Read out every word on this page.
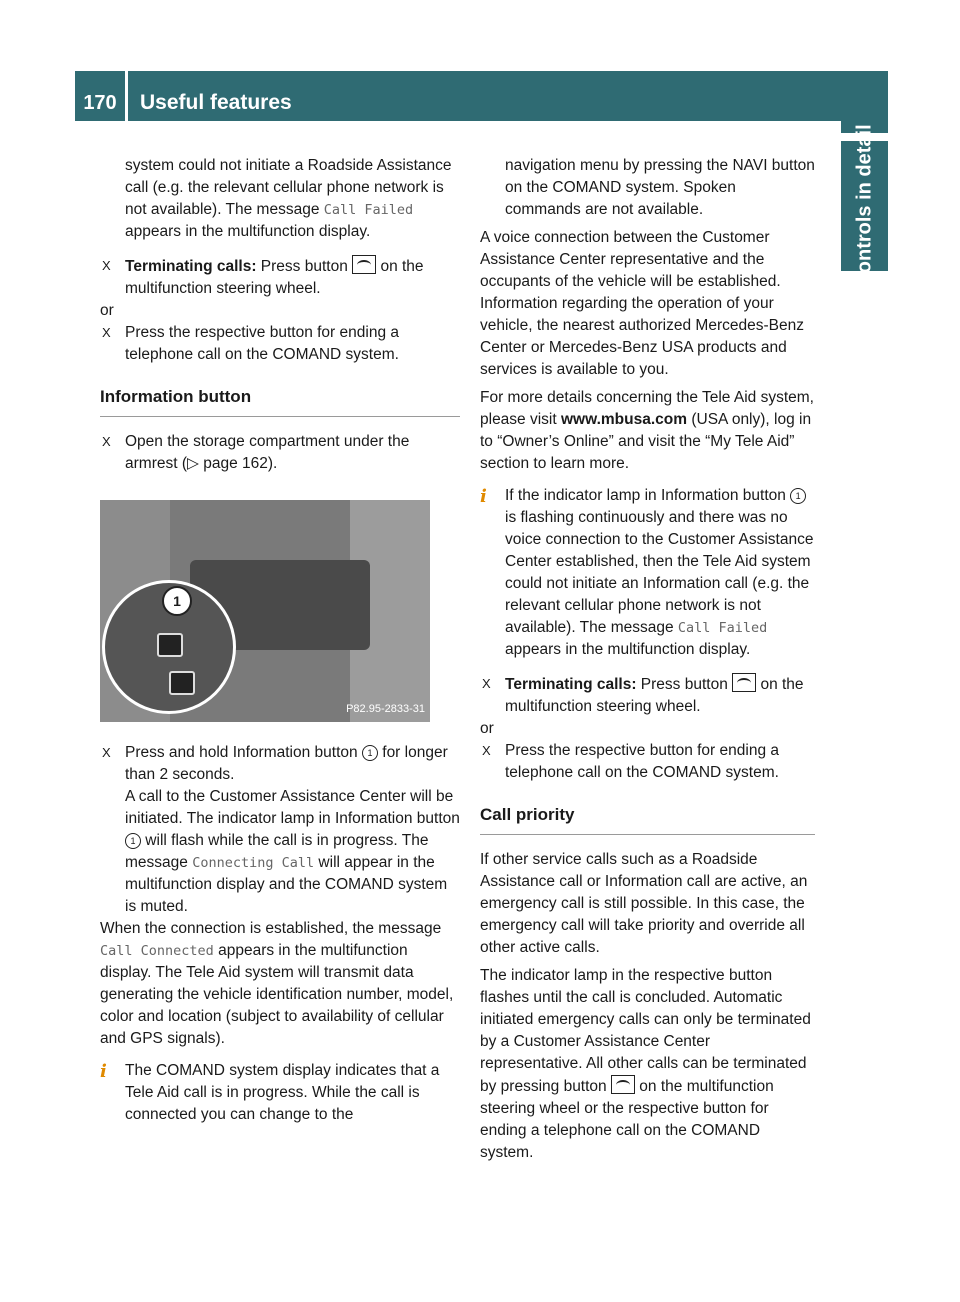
170	Useful features
Controls in detail

system could not initiate a Roadside Assistance call (e.g. the relevant cellular phone network is not available). The message Call Failed appears in the multifunction display.

X Terminating calls: Press button  on the multifunction steering wheel.

or

X Press the respective button for ending a telephone call on the COMAND system.

Information button

X Open the storage compartment under the armrest (▷ page 162).

1
P82.95-2833-31

X Press and hold Information button 1 for longer than 2 seconds.
A call to the Customer Assistance Center will be initiated. The indicator lamp in Information button 1 will flash while the call is in progress. The message Connecting Call will appear in the multifunction display and the COMAND system is muted.

When the connection is established, the message Call Connected appears in the multifunction display. The Tele Aid system will transmit data generating the vehicle identification number, model, color and location (subject to availability of cellular and GPS signals).

i The COMAND system display indicates that a Tele Aid call is in progress. While the call is connected you can change to the

navigation menu by pressing the NAVI button on the COMAND system. Spoken commands are not available.

A voice connection between the Customer Assistance Center representative and the occupants of the vehicle will be established. Information regarding the operation of your vehicle, the nearest authorized Mercedes-Benz Center or Mercedes-Benz USA products and services is available to you.

For more details concerning the Tele Aid system, please visit www.mbusa.com (USA only), log in to “Owner’s Online” and visit the “My Tele Aid” section to learn more.

i If the indicator lamp in Information button 1 is flashing continuously and there was no voice connection to the Customer Assistance Center established, then the Tele Aid system could not initiate an Information call (e.g. the relevant cellular phone network is not available). The message Call Failed appears in the multifunction display.

X Terminating calls: Press button  on the multifunction steering wheel.

or

X Press the respective button for ending a telephone call on the COMAND system.

Call priority

If other service calls such as a Roadside Assistance call or Information call are active, an emergency call is still possible. In this case, the emergency call will take priority and override all other active calls.

The indicator lamp in the respective button flashes until the call is concluded. Automatic initiated emergency calls can only be terminated by a Customer Assistance Center representative. All other calls can be terminated by pressing button  on the multifunction steering wheel or the respective button for ending a telephone call on the COMAND system.
